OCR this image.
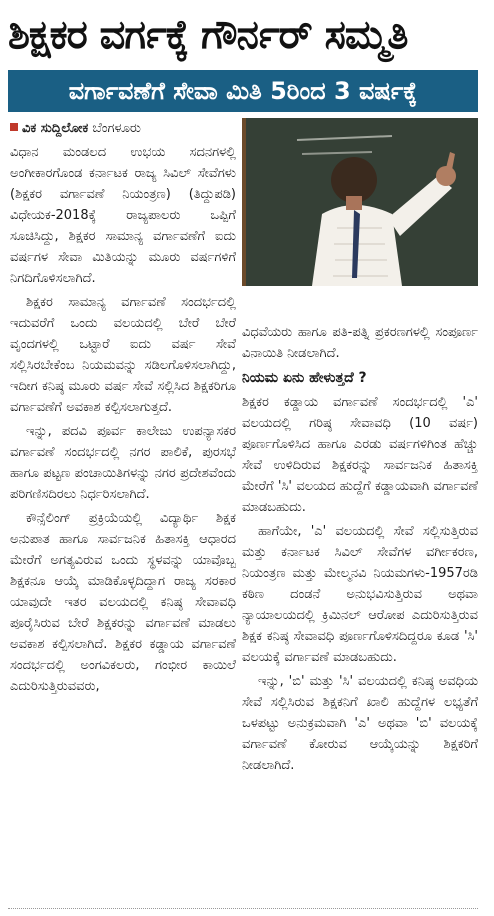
ಶಿಕ್ಷಕರ ವರ್ಗಕ್ಕೆ ಗೌರ್ನರ್ ಸಮ್ಮತಿ
ವರ್ಗಾವಣೆಗೆ ಸೇವಾ ಮಿತಿ 5ರಿಂದ 3 ವರ್ಷಕ್ಕೆ
ವಿಕ ಸುದ್ದಿಲೋಕ ಬೆಂಗಳೂರು

ವಿಧಾನ ಮಂಡಲದ ಉಭಯ ಸದನಗಳಲ್ಲಿ ಅಂಗೀಕಾರಗೊಂಡ ಕರ್ನಾಟಕ ರಾಜ್ಯ ಸಿವಿಲ್ ಸೇವೆಗಳು (ಶಿಕ್ಷಕರ ವರ್ಗಾವಣೆ ನಿಯಂತ್ರಣ) (ತಿದ್ದುಪಡಿ) ವಿಧೇಯಕ-2018ಕ್ಕೆ ರಾಜ್ಯಪಾಲರು ಒಪ್ಪಿಗೆ ಸೂಚಿಸಿದ್ದು, ಶಿಕ್ಷಕರ ಸಾಮಾನ್ಯ ವರ್ಗಾವಣೆಗೆ ಐದು ವರ್ಷಗಳ ಸೇವಾ ಮಿತಿಯನ್ನು ಮೂರು ವರ್ಷಗಳಿಗೆ ನಿಗದಿಗೊಳಿಸಲಾಗಿದೆ.

ಶಿಕ್ಷಕರ ಸಾಮಾನ್ಯ ವರ್ಗಾವಣೆ ಸಂದರ್ಭದಲ್ಲಿ ಇದುವರೆಗೆ ಒಂದು ವಲಯದಲ್ಲಿ ಬೇರೆ ಬೇರೆ ವೃಂದಗಳಲ್ಲಿ ಒಟ್ಟಾರೆ ಐದು ವರ್ಷ ಸೇವೆ ಸಲ್ಲಿಸಿರಬೇಕೆಂಬ ನಿಯಮವನ್ನು ಸಡಿಲಗೊಳಿಸಲಾಗಿದ್ದು, ಇದೀಗ ಕನಿಷ್ಠ ಮೂರು ವರ್ಷ ಸೇವೆ ಸಲ್ಲಿಸಿದ ಶಿಕ್ಷಕರಿಗೂ ವರ್ಗಾವಣೆಗೆ ಅವಕಾಶ ಕಲ್ಪಿಸಲಾಗುತ್ತದೆ.

ಇನ್ನು, ಪದವಿ ಪೂರ್ವ ಕಾಲೇಜು ಉಪನ್ಯಾಸಕರ ವರ್ಗಾವಣೆ ಸಂದರ್ಭದಲ್ಲಿ ನಗರ ಪಾಲಿಕೆ, ಪುರಸಭೆ ಹಾಗೂ ಪಟ್ಟಣ ಪಂಚಾಯಿತಿಗಳನ್ನು ನಗರ ಪ್ರದೇಶವೆಂದು ಪರಿಗಣಿಸದಿರಲು ನಿರ್ಧರಿಸಲಾಗಿದೆ.

ಕೌನ್ಸೆಲಿಂಗ್ ಪ್ರಕ್ರಿಯೆಯಲ್ಲಿ ವಿದ್ಯಾರ್ಥಿ ಶಿಕ್ಷಕ ಅನುಪಾತ ಹಾಗೂ ಸಾರ್ವಜನಿಕ ಹಿತಾಸಕ್ತಿ ಆಧಾರದ ಮೇರೆಗೆ ಅಗತ್ಯವಿರುವ ಒಂದು ಸ್ಥಳವನ್ನು ಯಾವೊಬ್ಬ ಶಿಕ್ಷಕನೂ ಆಯ್ಕೆ ಮಾಡಿಕೊಳ್ಳದಿದ್ದಾಗ ರಾಜ್ಯ ಸರಕಾರ ಯಾವುದೇ ಇತರ ವಲಯದಲ್ಲಿ ಕನಿಷ್ಠ ಸೇವಾವಧಿ ಪೂರೈಸಿರುವ ಬೇರೆ ಶಿಕ್ಷಕರನ್ನು ವರ್ಗಾವಣೆ ಮಾಡಲು ಅವಕಾಶ ಕಲ್ಪಿಸಲಾಗಿದೆ. ಶಿಕ್ಷಕರ ಕಡ್ಡಾಯ ವರ್ಗಾವಣೆ ಸಂದರ್ಭದಲ್ಲಿ ಅಂಗವಿಕಲರು, ಗಂಭೀರ ಕಾಯಿಲೆ ಎದುರಿಸುತ್ತಿರುವವರು,

ವಿಧವೆಯರು ಹಾಗೂ ಪತಿ-ಪತ್ನಿ ಪ್ರಕರಣಗಳಲ್ಲಿ ಸಂಪೂರ್ಣ ವಿನಾಯಿತಿ ನೀಡಲಾಗಿದೆ.

ನಿಯಮ ಏನು ಹೇಳುತ್ತದೆ ?

ಶಿಕ್ಷಕರ ಕಡ್ಡಾಯ ವರ್ಗಾವಣೆ ಸಂದರ್ಭದಲ್ಲಿ 'ಎ' ವಲಯದಲ್ಲಿ ಗರಿಷ್ಠ ಸೇವಾವಧಿ (10 ವರ್ಷ) ಪೂರ್ಣಗೊಳಿಸಿದ ಹಾಗೂ ಎರಡು ವರ್ಷಗಳಿಗಿಂತ ಹೆಚ್ಚು ಸೇವೆ ಉಳಿದಿರುವ ಶಿಕ್ಷಕರನ್ನು ಸಾರ್ವಜನಿಕ ಹಿತಾಸಕ್ತಿ ಮೇರೆಗೆ 'ಸಿ' ವಲಯದ ಹುದ್ದೆಗೆ ಕಡ್ಡಾಯವಾಗಿ ವರ್ಗಾವಣೆ ಮಾಡಬಹುದು.

ಹಾಗೆಯೇ, 'ಎ' ವಲಯದಲ್ಲಿ ಸೇವೆ ಸಲ್ಲಿಸುತ್ತಿರುವ ಮತ್ತು ಕರ್ನಾಟಕ ಸಿವಿಲ್ ಸೇವೆಗಳ ವರ್ಗೀಕರಣ, ನಿಯಂತ್ರಣ ಮತ್ತು ಮೇಲ್ಮನವಿ ನಿಯಮಗಳು-1957ರಡಿ ಕಠಿಣ ದಂಡನೆ ಅನುಭವಿಸುತ್ತಿರುವ ಅಥವಾ ನ್ಯಾಯಾಲಯದಲ್ಲಿ ಕ್ರಿಮಿನಲ್ ಆರೋಪ ಎದುರಿಸುತ್ತಿರುವ ಶಿಕ್ಷಕ ಕನಿಷ್ಠ ಸೇವಾವಧಿ ಪೂರ್ಣಗೊಳಿಸದಿದ್ದರೂ ಕೂಡ 'ಸಿ' ವಲಯಕ್ಕೆ ವರ್ಗಾವಣೆ ಮಾಡಬಹುದು.

ಇನ್ನು, 'ಬಿ' ಮತ್ತು 'ಸಿ' ವಲಯದಲ್ಲಿ ಕನಿಷ್ಠ ಅವಧಿಯ ಸೇವೆ ಸಲ್ಲಿಸಿರುವ ಶಿಕ್ಷಕನಿಗೆ ಖಾಲಿ ಹುದ್ದೆಗಳ ಲಭ್ಯತೆಗೆ ಒಳಪಟ್ಟು ಅನುಕ್ರಮವಾಗಿ 'ಎ' ಅಥವಾ 'ಬಿ' ವಲಯಕ್ಕೆ ವರ್ಗಾವಣೆ ಕೋರುವ ಆಯ್ಕೆಯನ್ನು ಶಿಕ್ಷಕರಿಗೆ ನೀಡಲಾಗಿದೆ.
